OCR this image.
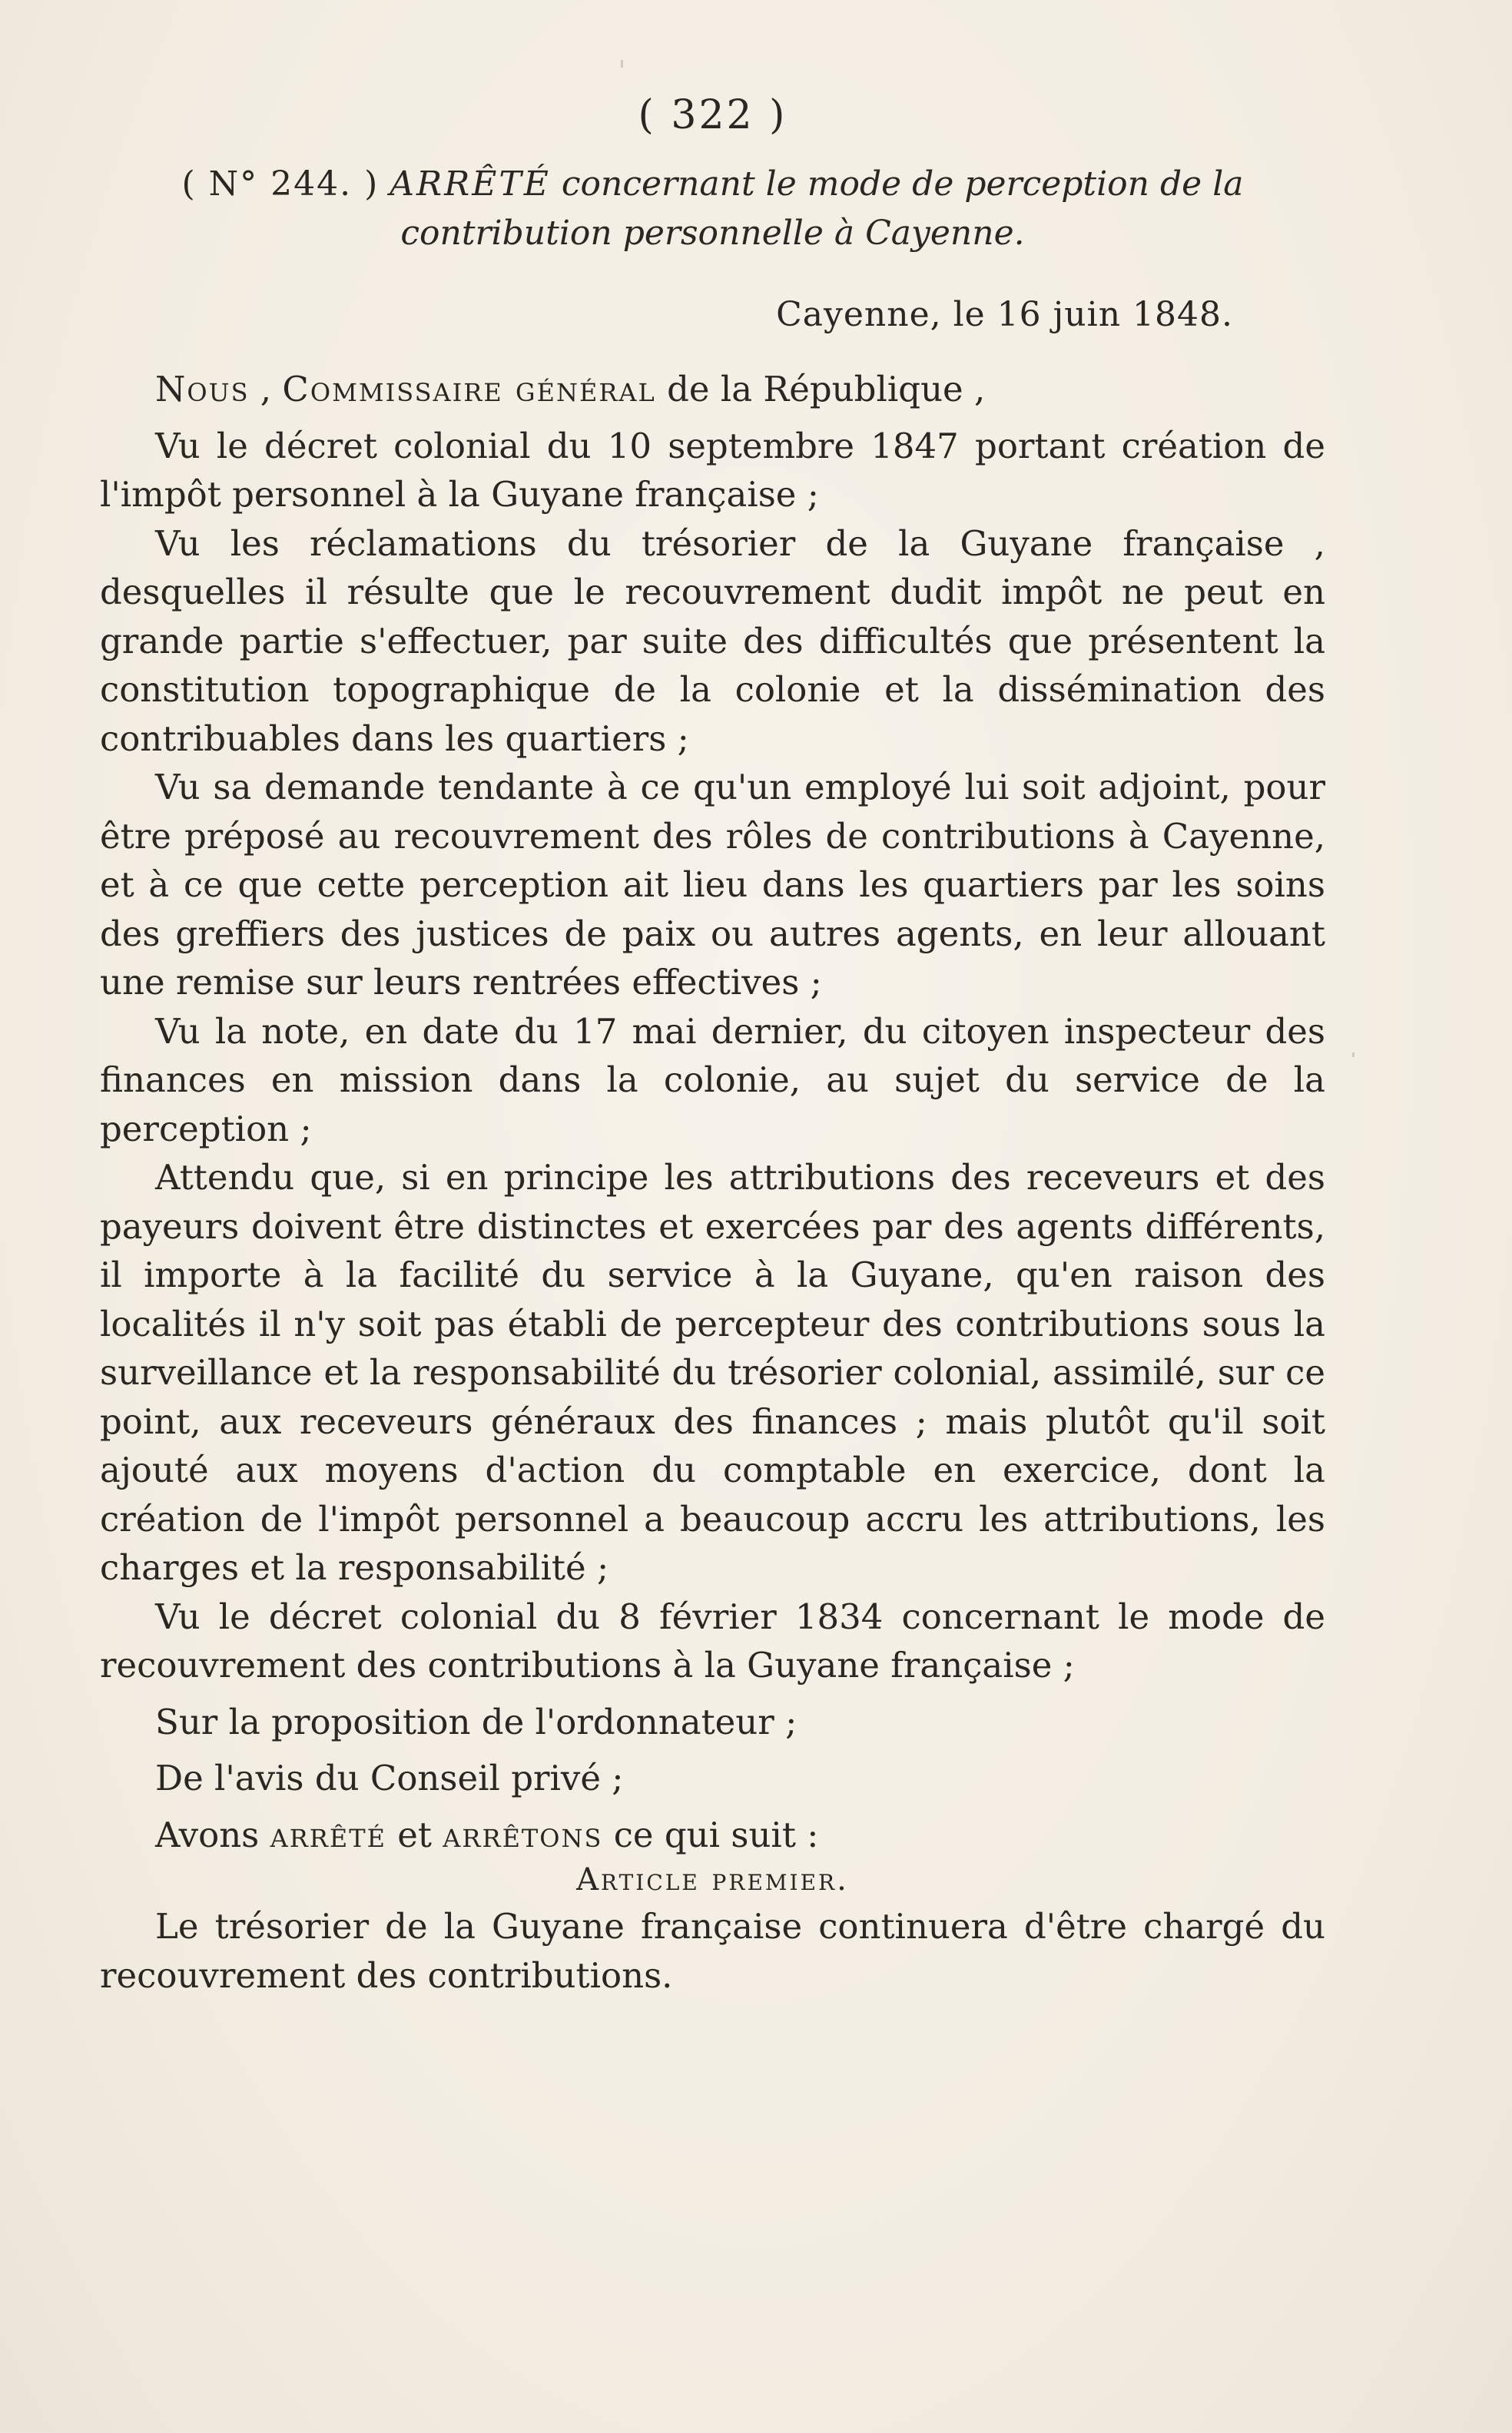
( 322 )
( N° 244. ) ARRÊTÉ concernant le mode de perception de la contribution personnelle à Cayenne.
Cayenne, le 16 juin 1848.

Nous , Commissaire général de la République ,

Vu le décret colonial du 10 septembre 1847 portant création de l'impôt personnel à la Guyane française ;

Vu les réclamations du trésorier de la Guyane française , desquelles il résulte que le recouvrement dudit impôt ne peut en grande partie s'effectuer, par suite des difficultés que présentent la constitution topographique de la colonie et la dissémination des contribuables dans les quartiers ;

Vu sa demande tendante à ce qu'un employé lui soit adjoint, pour être préposé au recouvrement des rôles de contributions à Cayenne, et à ce que cette perception ait lieu dans les quartiers par les soins des greffiers des justices de paix ou autres agents, en leur allouant une remise sur leurs rentrées effectives ;

Vu la note, en date du 17 mai dernier, du citoyen inspecteur des finances en mission dans la colonie, au sujet du service de la perception ;

Attendu que, si en principe les attributions des receveurs et des payeurs doivent être distinctes et exercées par des agents différents, il importe à la facilité du service à la Guyane, qu'en raison des localités il n'y soit pas établi de percepteur des contributions sous la surveillance et la responsabilité du trésorier colonial, assimilé, sur ce point, aux receveurs généraux des finances ; mais plutôt qu'il soit ajouté aux moyens d'action du comptable en exercice, dont la création de l'impôt personnel a beaucoup accru les attributions, les charges et la responsabilité ;

Vu le décret colonial du 8 février 1834 concernant le mode de recouvrement des contributions à la Guyane française ;

Sur la proposition de l'ordonnateur ;

De l'avis du Conseil privé ;

Avons arrêté et arrêtons ce qui suit :

Article premier.

Le trésorier de la Guyane française continuera d'être chargé du recouvrement des contributions.
